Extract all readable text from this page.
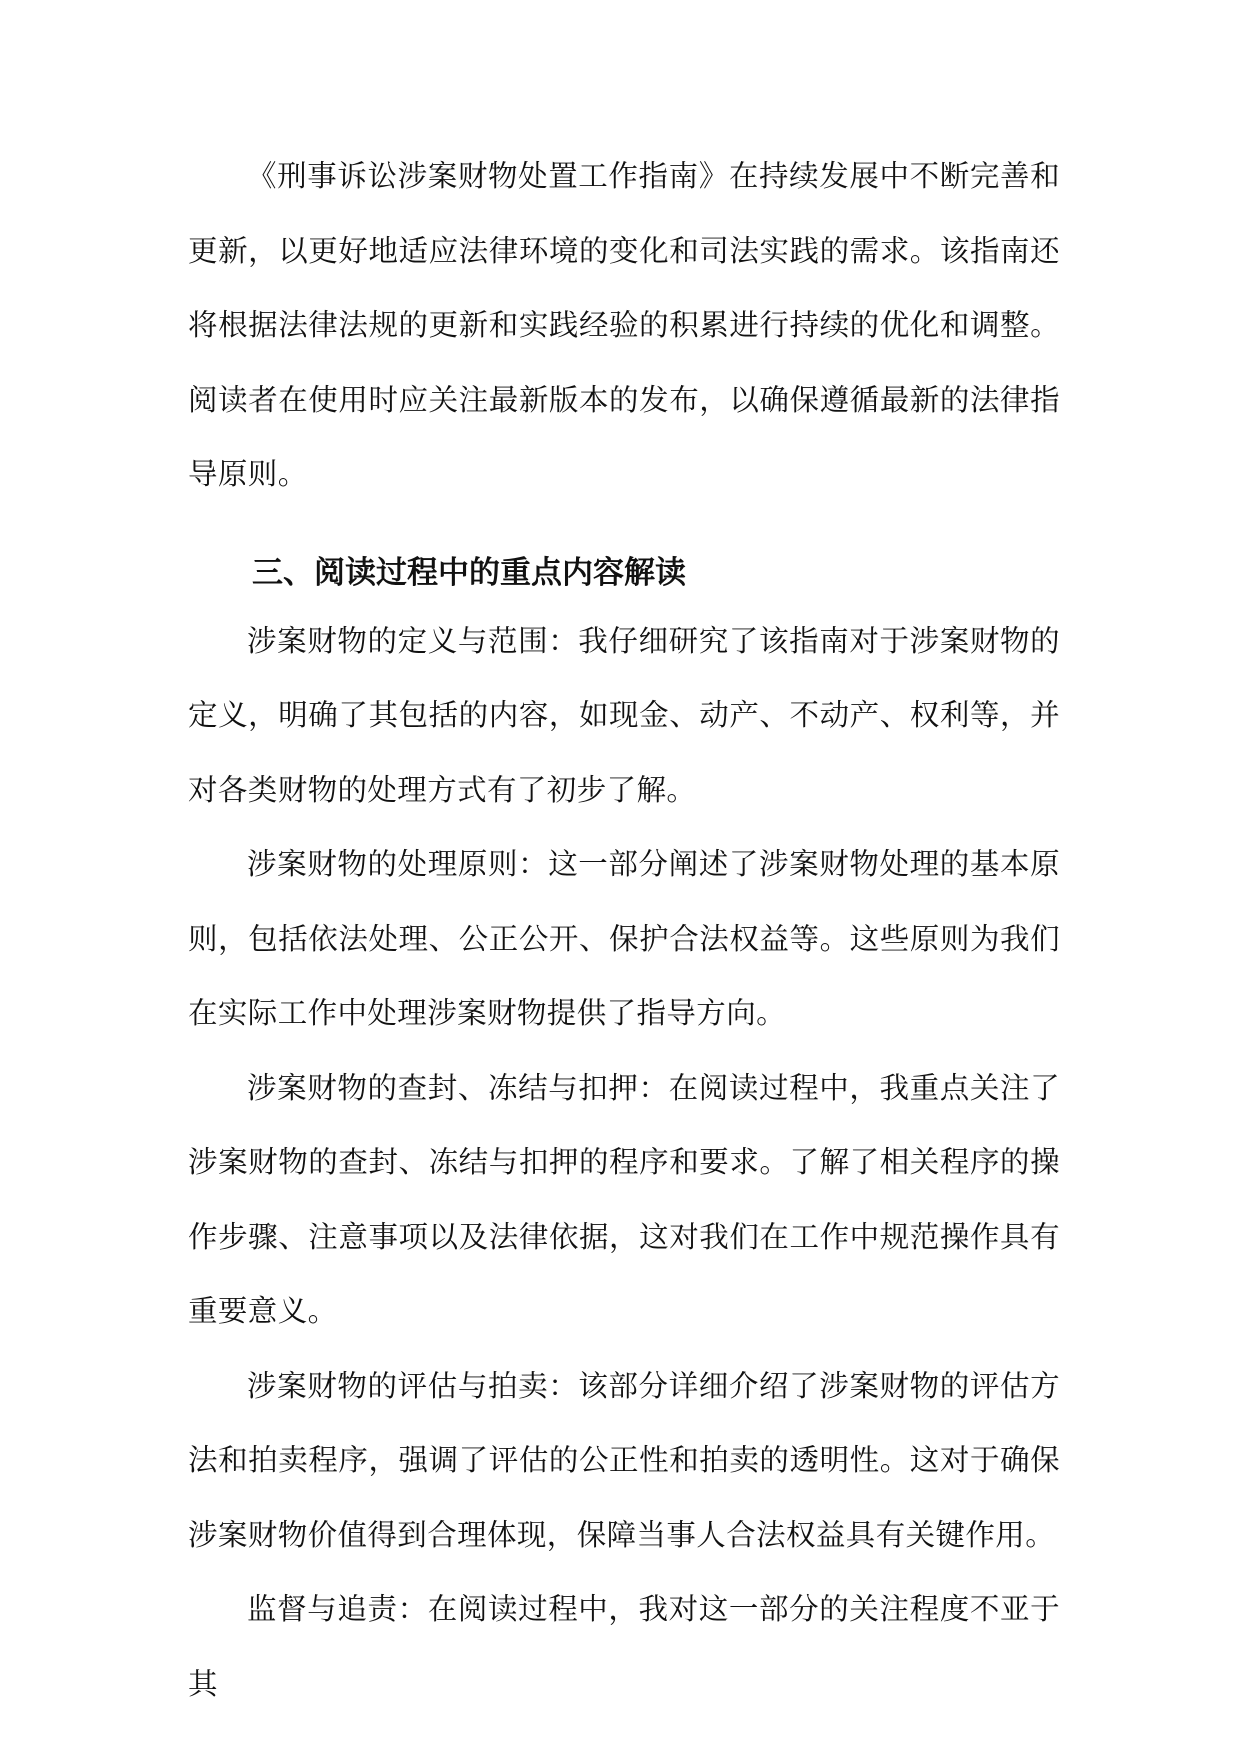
《刑事诉讼涉案财物处置工作指南》在持续发展中不断完善和更新，以更好地适应法律环境的变化和司法实践的需求。该指南还将根据法律法规的更新和实践经验的积累进行持续的优化和调整。阅读者在使用时应关注最新版本的发布，以确保遵循最新的法律指导原则。

三、阅读过程中的重点内容解读

涉案财物的定义与范围：我仔细研究了该指南对于涉案财物的定义，明确了其包括的内容，如现金、动产、不动产、权利等，并对各类财物的处理方式有了初步了解。

涉案财物的处理原则：这一部分阐述了涉案财物处理的基本原则，包括依法处理、公正公开、保护合法权益等。这些原则为我们在实际工作中处理涉案财物提供了指导方向。

涉案财物的查封、冻结与扣押：在阅读过程中，我重点关注了涉案财物的查封、冻结与扣押的程序和要求。了解了相关程序的操作步骤、注意事项以及法律依据，这对我们在工作中规范操作具有重要意义。

涉案财物的评估与拍卖：该部分详细介绍了涉案财物的评估方法和拍卖程序，强调了评估的公正性和拍卖的透明性。这对于确保涉案财物价值得到合理体现，保障当事人合法权益具有关键作用。

监督与追责：在阅读过程中，我对这一部分的关注程度不亚于其
